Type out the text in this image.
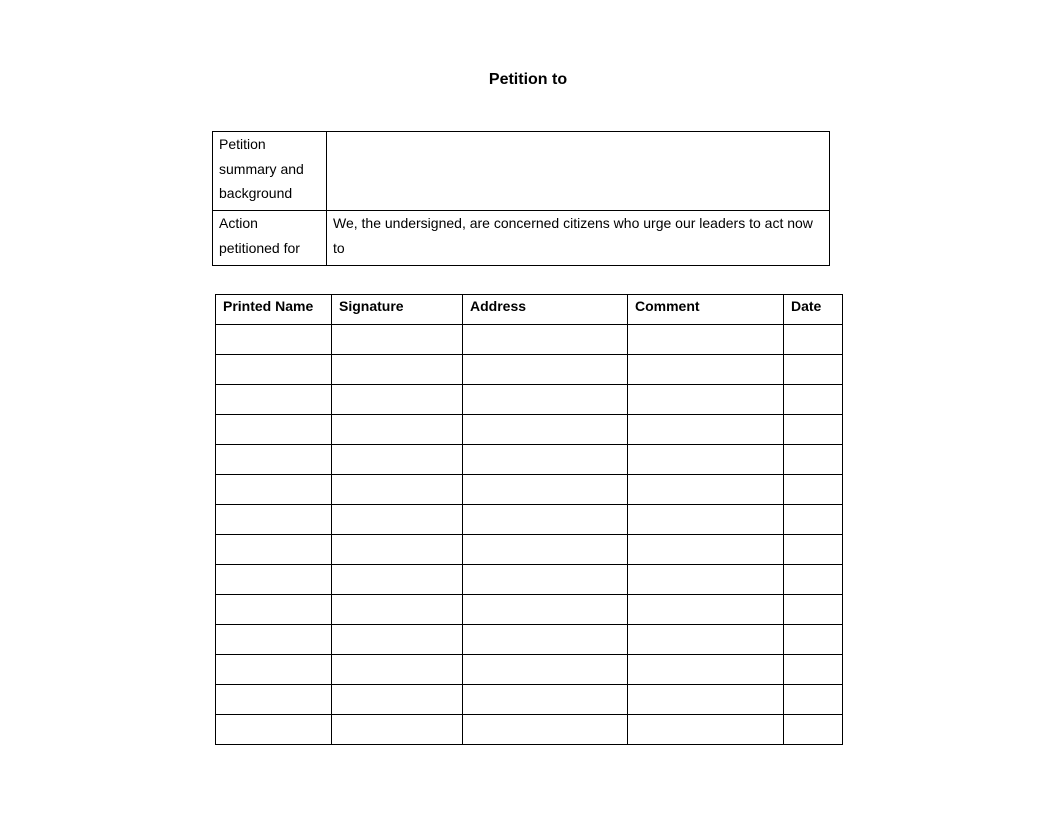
Petition to
Petition summary and background	
Action petitioned for	We, the undersigned, are concerned citizens who urge our leaders to act now to
Printed Name	Signature	Address	Comment	Date
